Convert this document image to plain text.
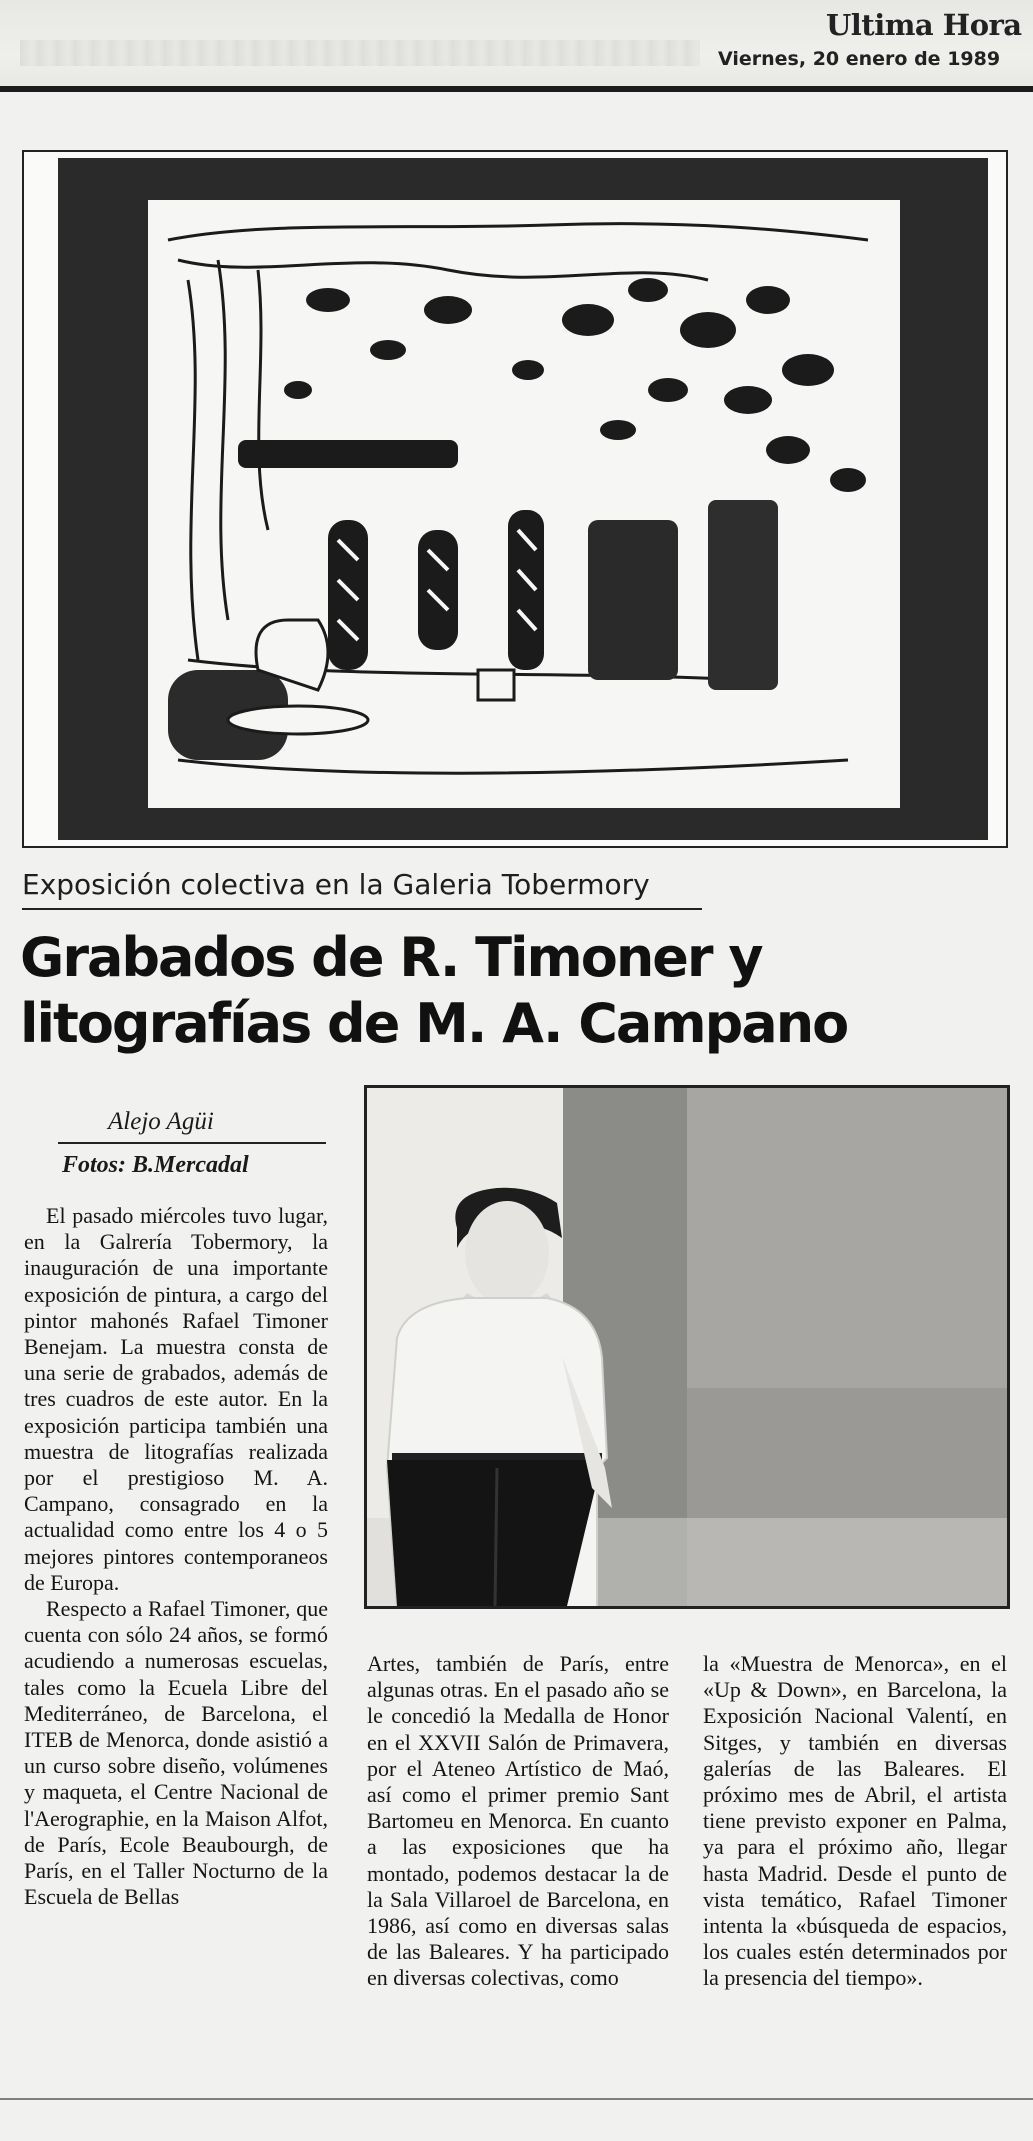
Ultima Hora
Viernes, 20 enero de 1989
Exposición colectiva en la Galeria Tobermory
Grabados de R. Timoner y
litografías de M. A. Campano
Alejo Agüi
Fotos: B.Mercadal

El pasado miércoles tuvo lugar, en la Galrería Tobermory, la inauguración de una importante exposición de pintura, a cargo del pintor mahonés Rafael Timoner Benejam. La muestra consta de una serie de grabados, además de tres cuadros de este autor. En la exposición participa también una muestra de litografías realizada por el prestigioso M. A. Campano, consagrado en la actualidad como entre los 4 o 5 mejores pintores contemporaneos de Europa.

Respecto a Rafael Timoner, que cuenta con sólo 24 años, se formó acudiendo a numerosas escuelas, tales como la Ecuela Libre del Mediterráneo, de Barcelona, el ITEB de Menorca, donde asistió a un curso sobre diseño, volúmenes y maqueta, el Centre Nacional de l'Aerographie, en la Maison Alfot, de París, Ecole Beaubourgh, de París, en el Taller Nocturno de la Escuela de Bellas

Artes, también de París, entre algunas otras. En el pasado año se le concedió la Medalla de Honor en el XXVII Salón de Primavera, por el Ateneo Artístico de Maó, así como el primer premio Sant Bartomeu en Menorca. En cuanto a las exposiciones que ha montado, podemos destacar la de la Sala Villaroel de Barcelona, en 1986, así como en diversas salas de las Baleares. Y ha participado en diversas colectivas, como

la «Muestra de Menorca», en el «Up & Down», en Barcelona, la Exposición Nacional Valentí, en Sitges, y también en diversas galerías de las Baleares. El próximo mes de Abril, el artista tiene previsto exponer en Palma, ya para el próximo año, llegar hasta Madrid. Desde el punto de vista temático, Rafael Timoner intenta la «búsqueda de espacios, los cuales estén determinados por la presencia del tiempo».
